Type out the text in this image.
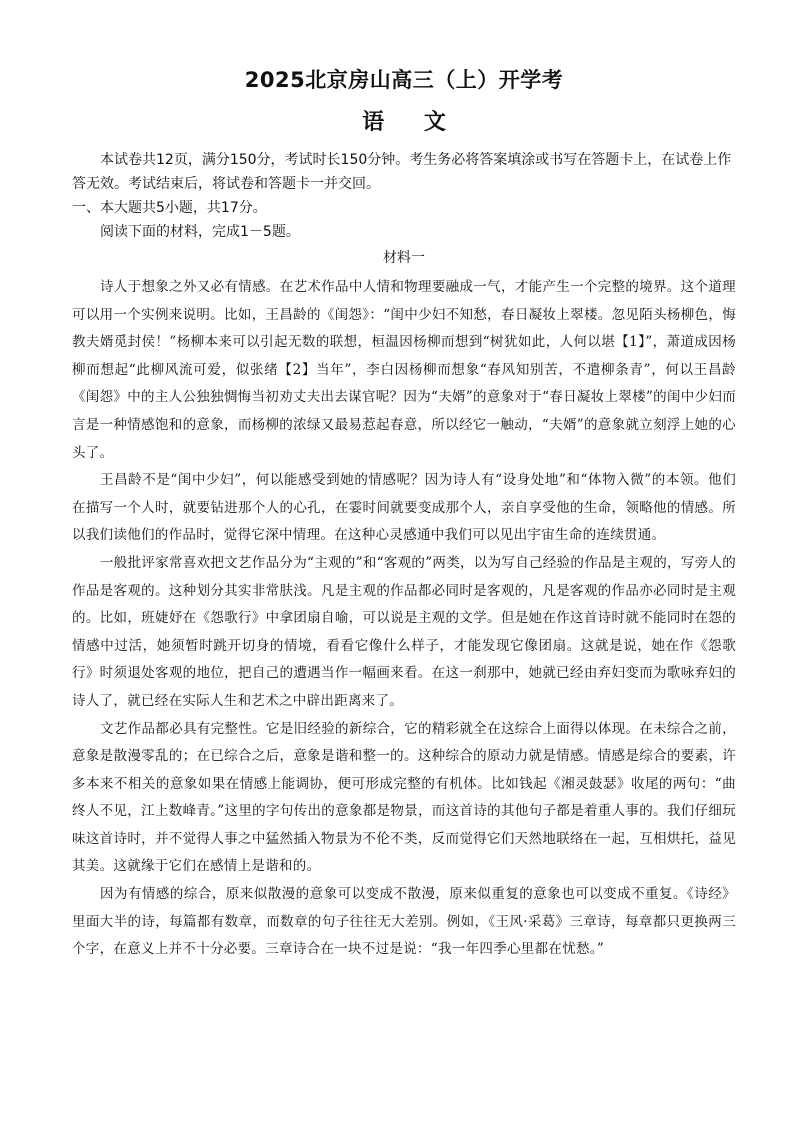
2025北京房山高三（上）开学考
语 文

本试卷共12页，满分150分，考试时长150分钟。考生务必将答案填涂或书写在答题卡上，在试卷上作答无效。考试结束后，将试卷和答题卡一并交回。

一、本大题共5小题，共17分。

阅读下面的材料，完成1－5题。

材料一

诗人于想象之外又必有情感。在艺术作品中人情和物理要融成一气，才能产生一个完整的境界。这个道理可以用一个实例来说明。比如，王昌龄的《闺怨》：“闺中少妇不知愁，春日凝妆上翠楼。忽见陌头杨柳色，悔教夫婿觅封侯！”杨柳本来可以引起无数的联想，桓温因杨柳而想到“树犹如此，人何以堪【1】”，萧道成因杨柳而想起“此柳风流可爱，似张绪【2】当年”，李白因杨柳而想象“春风知别苦，不遣柳条青”，何以王昌龄《闺怨》中的主人公独独惆悔当初劝丈夫出去谋官呢？因为“夫婿”的意象对于“春日凝妆上翠楼”的闺中少妇而言是一种情感饱和的意象，而杨柳的浓绿又最易惹起春意，所以经它一触动，“夫婿”的意象就立刻浮上她的心头了。

王昌龄不是“闺中少妇”，何以能感受到她的情感呢？因为诗人有“设身处地”和“体物入微”的本领。他们在描写一个人时，就要钻进那个人的心孔，在霎时间就要变成那个人，亲自享受他的生命，领略他的情感。所以我们读他们的作品时，觉得它深中情理。在这种心灵感通中我们可以见出宇宙生命的连续贯通。

一般批评家常喜欢把文艺作品分为“主观的”和“客观的”两类，以为写自己经验的作品是主观的，写旁人的作品是客观的。这种划分其实非常肤浅。凡是主观的作品都必同时是客观的，凡是客观的作品亦必同时是主观的。比如，班婕妤在《怨歌行》中拿团扇自喻，可以说是主观的文学。但是她在作这首诗时就不能同时在怨的情感中过活，她须暂时跳开切身的情境，看看它像什么样子，才能发现它像团扇。这就是说，她在作《怨歌行》时须退处客观的地位，把自己的遭遇当作一幅画来看。在这一刹那中，她就已经由弃妇变而为歌咏弃妇的诗人了，就已经在实际人生和艺术之中辟出距离来了。

文艺作品都必具有完整性。它是旧经验的新综合，它的精彩就全在这综合上面得以体现。在未综合之前，意象是散漫零乱的；在已综合之后，意象是谐和整一的。这种综合的原动力就是情感。情感是综合的要素，许多本来不相关的意象如果在情感上能调协，便可形成完整的有机体。比如钱起《湘灵鼓瑟》收尾的两句：“曲终人不见，江上数峰青。”这里的字句传出的意象都是物景，而这首诗的其他句子都是着重人事的。我们仔细玩味这首诗时，并不觉得人事之中猛然插入物景为不伦不类，反而觉得它们天然地联络在一起，互相烘托，益见其美。这就缘于它们在感情上是谐和的。

因为有情感的综合，原来似散漫的意象可以变成不散漫，原来似重复的意象也可以变成不重复。《诗经》里面大半的诗，每篇都有数章，而数章的句子往往无大差别。例如，《王风·采葛》三章诗，每章都只更换两三个字，在意义上并不十分必要。三章诗合在一块不过是说：“我一年四季心里都在忧愁。”
